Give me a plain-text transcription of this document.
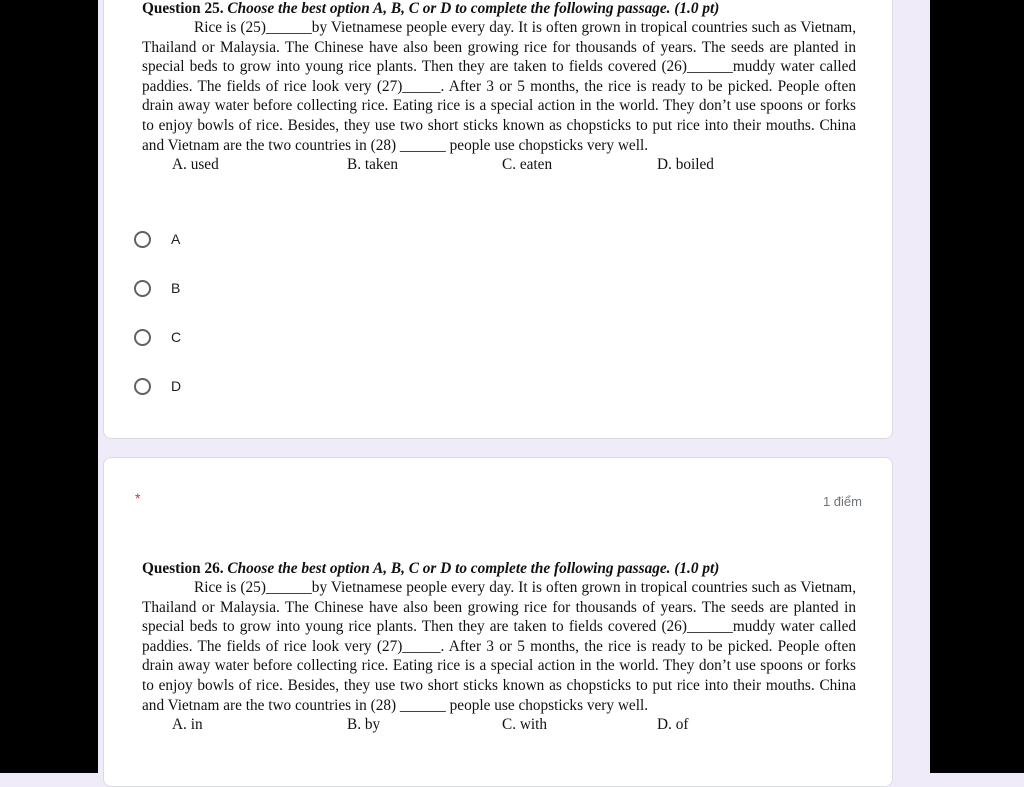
Question 25. Choose the best option A, B, C or D to complete the following passage. (1.0 pt)

Rice is (25)______by Vietnamese people every day. It is often grown in tropical countries such as Vietnam, Thailand or Malaysia. The Chinese have also been growing rice for thousands of years. The seeds are planted in special beds to grow into young rice plants. Then they are taken to fields covered (26)______muddy water called paddies. The fields of rice look very (27)_____. After 3 or 5 months, the rice is ready to be picked. People often drain away water before collecting rice. Eating rice is a special action in the world. They don’t use spoons or forks to enjoy bowls of rice. Besides, they use two short sticks known as chopsticks to put rice into their mouths. China and Vietnam are the two countries in (28) ______ people use chopsticks very well.

A. used	B. taken	C. eaten	D. boiled
A
B
C
D
*	1 điểm
Question 26. Choose the best option A, B, C or D to complete the following passage. (1.0 pt)

Rice is (25)______by Vietnamese people every day. It is often grown in tropical countries such as Vietnam, Thailand or Malaysia. The Chinese have also been growing rice for thousands of years. The seeds are planted in special beds to grow into young rice plants. Then they are taken to fields covered (26)______muddy water called paddies. The fields of rice look very (27)_____. After 3 or 5 months, the rice is ready to be picked. People often drain away water before collecting rice. Eating rice is a special action in the world. They don’t use spoons or forks to enjoy bowls of rice. Besides, they use two short sticks known as chopsticks to put rice into their mouths. China and Vietnam are the two countries in (28) ______ people use chopsticks very well.

A. in	B. by	C. with	D. of
